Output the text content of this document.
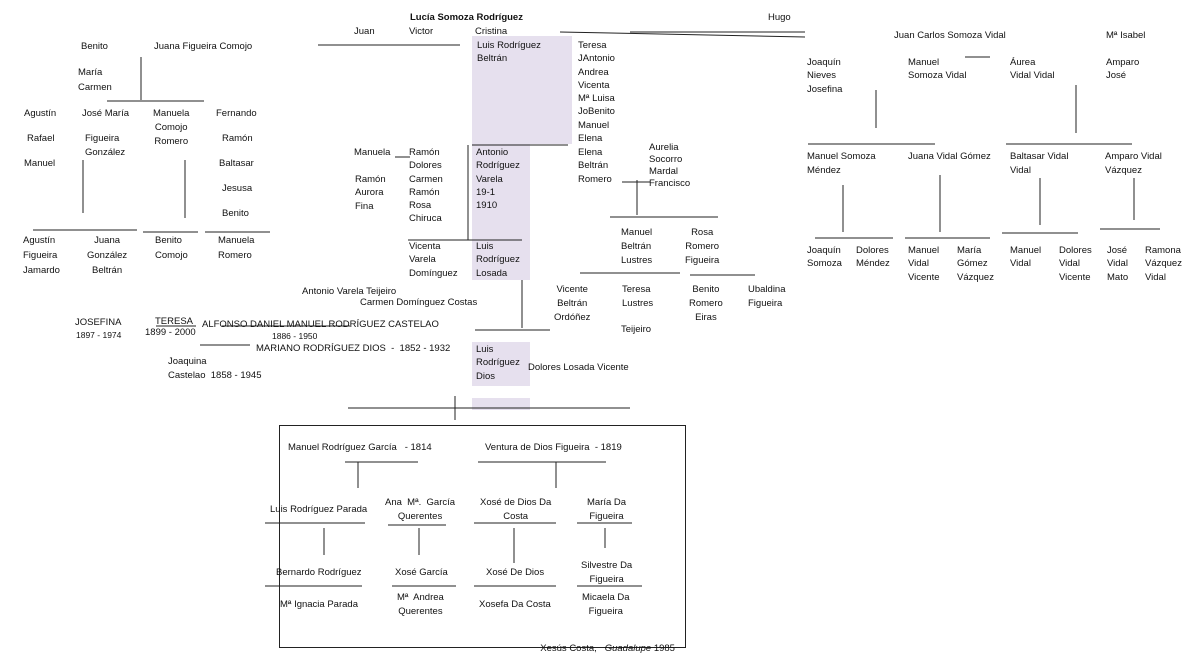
Lucía Somoza Rodríguez
Juan	Victor	Cristina
Hugo
Benito	Juana Figueira Comojo
María
Carmen
Agustín
Rafael
Manuel
José María
Figueira
González
Manuela
Comojo
Romero
Fernando
Ramón
Baltasar
Jesusa
Benito
Agustín
Figueira
Jamardo
Juana
González
Beltrán
Benito
Comojo
Manuela
Romero
Luis Rodríguez
Beltrán
Teresa
JAntonio
Andrea
Vicenta
Mª Luisa
JoBenito
Manuel
Elena
Manuela
Ramón
Aurora
Fina
Ramón
Dolores
Carmen
Ramón
Rosa
Chiruca
Antonio
Rodríguez
Varela
19-1
1910
Elena
Beltrán
Romero
Aurelia
Socorro
Mardal
Francisco
Vicenta
Varela
Domínguez
Luis
Rodríguez
Losada
Manuel
Beltrán
Lustres
Rosa
Romero
Figueira
Vicente
Beltrán
Ordóñez
Teresa
Lustres
Teijeiro
Benito
Romero
Eiras
Ubaldina
Figueira
Antonio Varela Teijeiro
Carmen Domínguez Costas
JOSEFINA
1897 - 1974
TERESA
1899 - 2000
ALFONSO DANIEL MANUEL RODRÍGUEZ CASTELAO
1886 - 1950
MARIANO RODRÍGUEZ DIOS  -  1852 - 1932
Joaquina
Castelao  1858 - 1945
Luis
Rodríguez
Dios
Dolores Losada Vicente
Juan Carlos Somoza Vidal	Mª Isabel
Joaquín
Nieves
Josefina
Manuel
Somoza Vidal
Áurea
Vidal Vidal
Amparo
José
Manuel Somoza
Méndez
Juana Vidal Gómez Baltasar Vidal
Vidal
Amparo Vidal
Vázquez
Joaquín
Somoza
Dolores
Méndez
Manuel
Vidal
Vicente
María
Gómez
Vázquez
Manuel
Vidal
Dolores
Vidal
Vicente
José
Vidal
Mato
Ramona
Vázquez
Vidal
Manuel Rodríguez García   - 1814	Ventura de Dios Figueira  - 1819
Luis Rodríguez Parada
Ana  Mª.  García
Querentes
Xosé de Dios Da
Costa
María Da
Figueira
Bernardo Rodríguez	Xosé García	Xosé De Dios
Silvestre Da
Figueira
Mª Ignacia Parada
Mª  Andrea
Querentes
Xosefa Da Costa
Micaela Da
Figueira

Xesús Costa, Guadalupe 1985
